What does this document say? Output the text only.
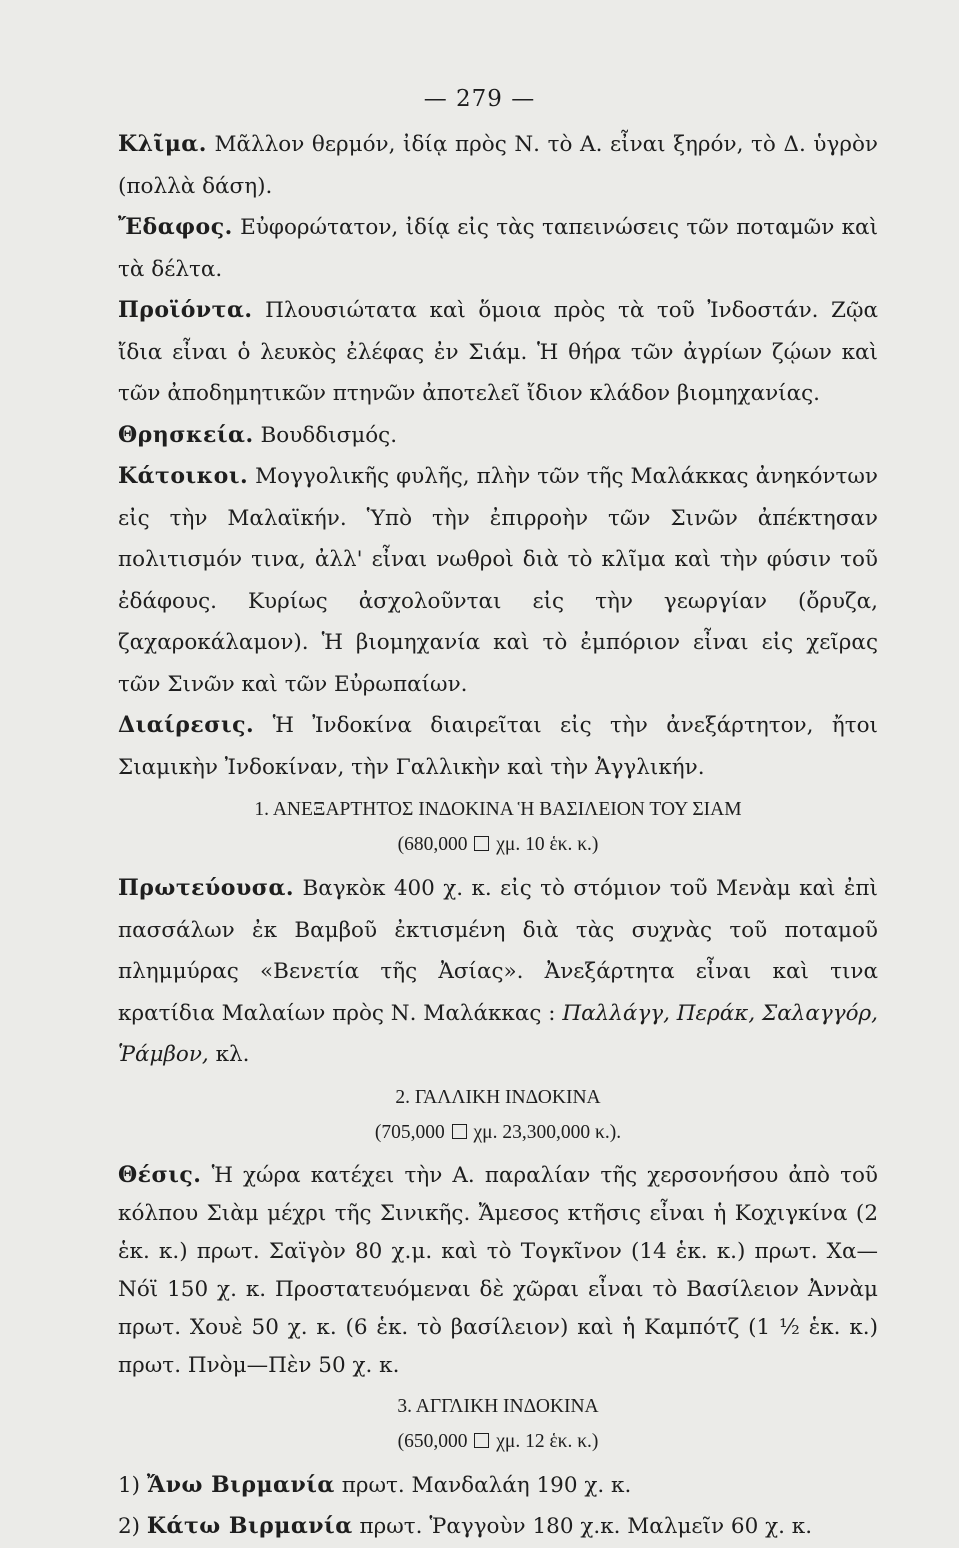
— 279 —

Κλῖμα. Μᾶλλον θερμόν, ἰδίᾳ πρὸς Ν. τὸ Α. εἶναι ξηρόν, τὸ Δ. ὑγρὸν (πολλὰ δάση).

Ἔδαφος. Εὐφορώτατον, ἰδίᾳ εἰς τὰς ταπεινώσεις τῶν ποταμῶν καὶ τὰ δέλτα.

Προϊόντα. Πλουσιώτατα καὶ ὅμοια πρὸς τὰ τοῦ Ἰνδοστάν. Ζῷα ἴδια εἶναι ὁ λευκὸς ἐλέφας ἐν Σιάμ. Ἡ θήρα τῶν ἀγρίων ζῴων καὶ τῶν ἀποδημητικῶν πτηνῶν ἀποτελεῖ ἴδιον κλάδον βιομηχανίας.

Θρησκεία. Βουδδισμός.

Κάτοικοι. Μογγολικῆς φυλῆς, πλὴν τῶν τῆς Μαλάκκας ἀνηκόντων εἰς τὴν Μαλαϊκήν. Ὑπὸ τὴν ἐπιρροὴν τῶν Σινῶν ἀπέκτησαν πολιτισμόν τινα, ἀλλ' εἶναι νωθροὶ διὰ τὸ κλῖμα καὶ τὴν φύσιν τοῦ ἐδάφους. Κυρίως ἀσχολοῦνται εἰς τὴν γεωργίαν (ὄρυζα, ζαχαροκάλαμον). Ἡ βιομηχανία καὶ τὸ ἐμπόριον εἶναι εἰς χεῖρας τῶν Σινῶν καὶ τῶν Εὐρωπαίων.

Διαίρεσις. Ἡ Ἰνδοκίνα διαιρεῖται εἰς τὴν ἀνεξάρτητον, ἤτοι Σιαμικὴν Ἰνδοκίναν, τὴν Γαλλικὴν καὶ τὴν Ἀγγλικήν.

1. ΑΝΕΞΑΡΤΗΤΟΣ ΙΝΔΟΚΙΝΑ Ἡ ΒΑΣΙΛΕΙΟΝ ΤΟΥ ΣΙΑΜ

(680,000 χμ. 10 ἑκ. κ.)

Πρωτεύουσα. Βαγκὸκ 400 χ. κ. εἰς τὸ στόμιον τοῦ Μενὰμ καὶ ἐπὶ πασσάλων ἐκ Βαμβοῦ ἐκτισμένη διὰ τὰς συχνὰς τοῦ ποταμοῦ πλημμύρας «Βενετία τῆς Ἀσίας». Ἀνεξάρτητα εἶναι καὶ τινα κρατίδια Μαλαίων πρὸς Ν. Μαλάκκας : Παλλάγγ, Περάκ, Σαλαγγόρ, Ῥάμβον, κλ.

2. ΓΑΛΛΙΚΗ ΙΝΔΟΚΙΝΑ

(705,000 χμ. 23,300,000 κ.).

Θέσις. Ἡ χώρα κατέχει τὴν Α. παραλίαν τῆς χερσονήσου ἀπὸ τοῦ κόλπου Σιὰμ μέχρι τῆς Σινικῆς. Ἄμεσος κτῆσις εἶναι ἡ Κοχιγκίνα (2 ἑκ. κ.) πρωτ. Σαϊγὸν 80 χ.μ. καὶ τὸ Τογκῖνον (14 ἑκ. κ.) πρωτ. Χα—Νόϊ 150 χ. κ. Προστατευόμεναι δὲ χῶραι εἶναι τὸ Βασίλειον Ἀννὰμ πρωτ. Χουὲ 50 χ. κ. (6 ἑκ. τὸ βασίλειον) καὶ ἡ Καμπότζ (1 ½ ἑκ. κ.) πρωτ. Πνὸμ—Πὲν 50 χ. κ.

3. ΑΓΓΛΙΚΗ ΙΝΔΟΚΙΝΑ

(650,000 χμ. 12 ἑκ. κ.)

1) Ἄνω Βιρμανία πρωτ. Μανδαλάη 190 χ. κ.

2) Κάτω Βιρμανία πρωτ. Ῥαγγοὺν 180 χ.κ. Μαλμεῖν 60 χ. κ.
